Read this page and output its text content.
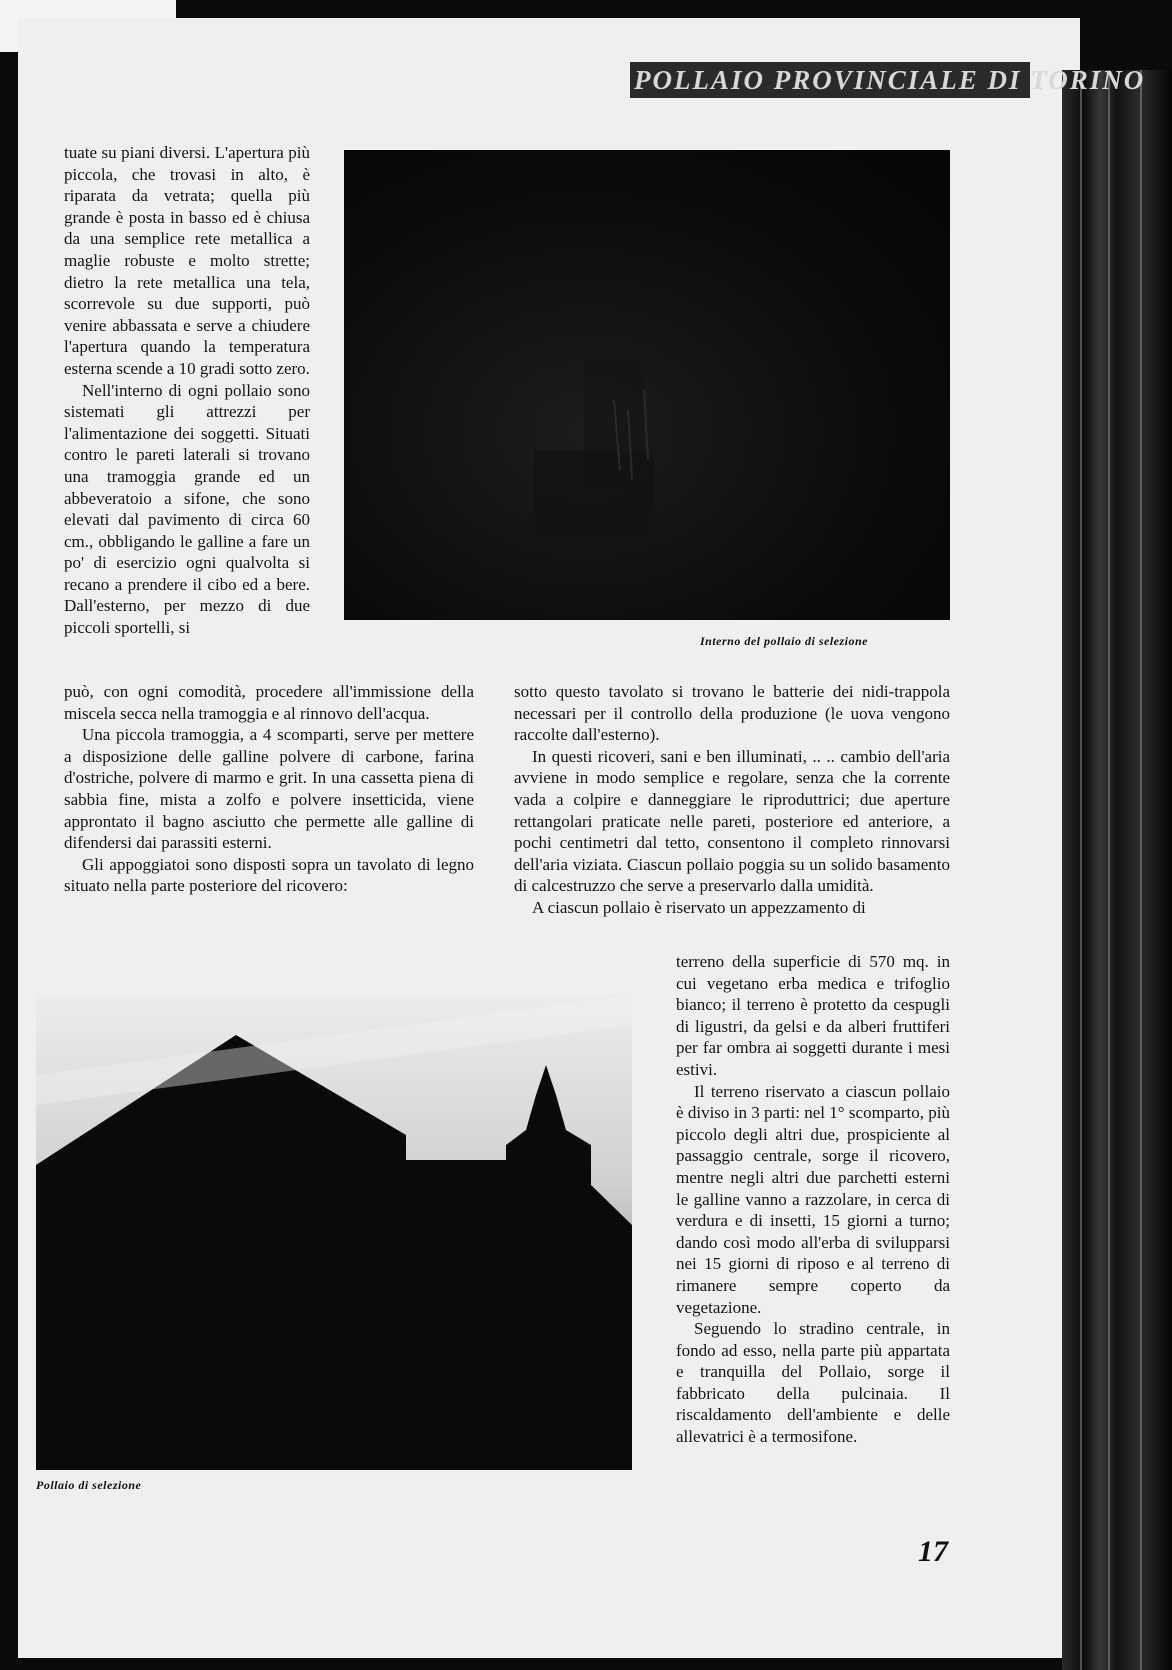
POLLAIO PROVINCIALE DI TORINO

tuate su piani diversi. L'apertura più piccola, che trovasi in alto, è riparata da vetrata; quella più grande è posta in basso ed è chiusa da una semplice rete metallica a maglie robuste e molto strette; dietro la rete metallica una tela, scorrevole su due supporti, può venire abbassata e serve a chiudere l'apertura quando la temperatura esterna scende a 10 gradi sotto zero.

Nell'interno di ogni pollaio sono sistemati gli attrezzi per l'alimentazione dei soggetti. Situati contro le pareti laterali si trovano una tramoggia grande ed un abbeveratoio a sifone, che sono elevati dal pavimento di circa 60 cm., obbligando le galline a fare un po' di esercizio ogni qualvolta si recano a prendere il cibo ed a bere. Dall'esterno, per mezzo di due piccoli sportelli, si

Interno del pollaio di selezione

può, con ogni comodità, procedere all'immissione della miscela secca nella tramoggia e al rinnovo dell'acqua.

Una piccola tramoggia, a 4 scomparti, serve per mettere a disposizione delle galline polvere di carbone, farina d'ostriche, polvere di marmo e grit. In una cassetta piena di sabbia fine, mista a zolfo e polvere insetticida, viene approntato il bagno asciutto che permette alle galline di difendersi dai parassiti esterni.

Gli appoggiatoi sono disposti sopra un tavolato di legno situato nella parte posteriore del ricovero:

sotto questo tavolato si trovano le batterie dei nidi-trappola necessari per il controllo della produzione (le uova vengono raccolte dall'esterno).

In questi ricoveri, sani e ben illuminati, .. .. cambio dell'aria avviene in modo semplice e regolare, senza che la corrente vada a colpire e danneggiare le riproduttrici; due aperture rettangolari praticate nelle pareti, posteriore ed anteriore, a pochi centimetri dal tetto, consentono il completo rinnovarsi dell'aria viziata. Ciascun pollaio poggia su un solido basamento di calcestruzzo che serve a preservarlo dalla umidità.

A ciascun pollaio è riservato un appezzamento di

Pollaio di selezione

terreno della superficie di 570 mq. in cui vegetano erba medica e trifoglio bianco; il terreno è protetto da cespugli di ligustri, da gelsi e da alberi fruttiferi per far ombra ai soggetti durante i mesi estivi.

Il terreno riservato a ciascun pollaio è diviso in 3 parti: nel 1° scomparto, più piccolo degli altri due, prospiciente al passaggio centrale, sorge il ricovero, mentre negli altri due parchetti esterni le galline vanno a razzolare, in cerca di verdura e di insetti, 15 giorni a turno; dando così modo all'erba di svilupparsi nei 15 giorni di riposo e al terreno di rimanere sempre coperto da vegetazione.

Seguendo lo stradino centrale, in fondo ad esso, nella parte più appartata e tranquilla del Pollaio, sorge il fabbricato della pulcinaia. Il riscaldamento dell'ambiente e delle allevatrici è a termosifone.

17
